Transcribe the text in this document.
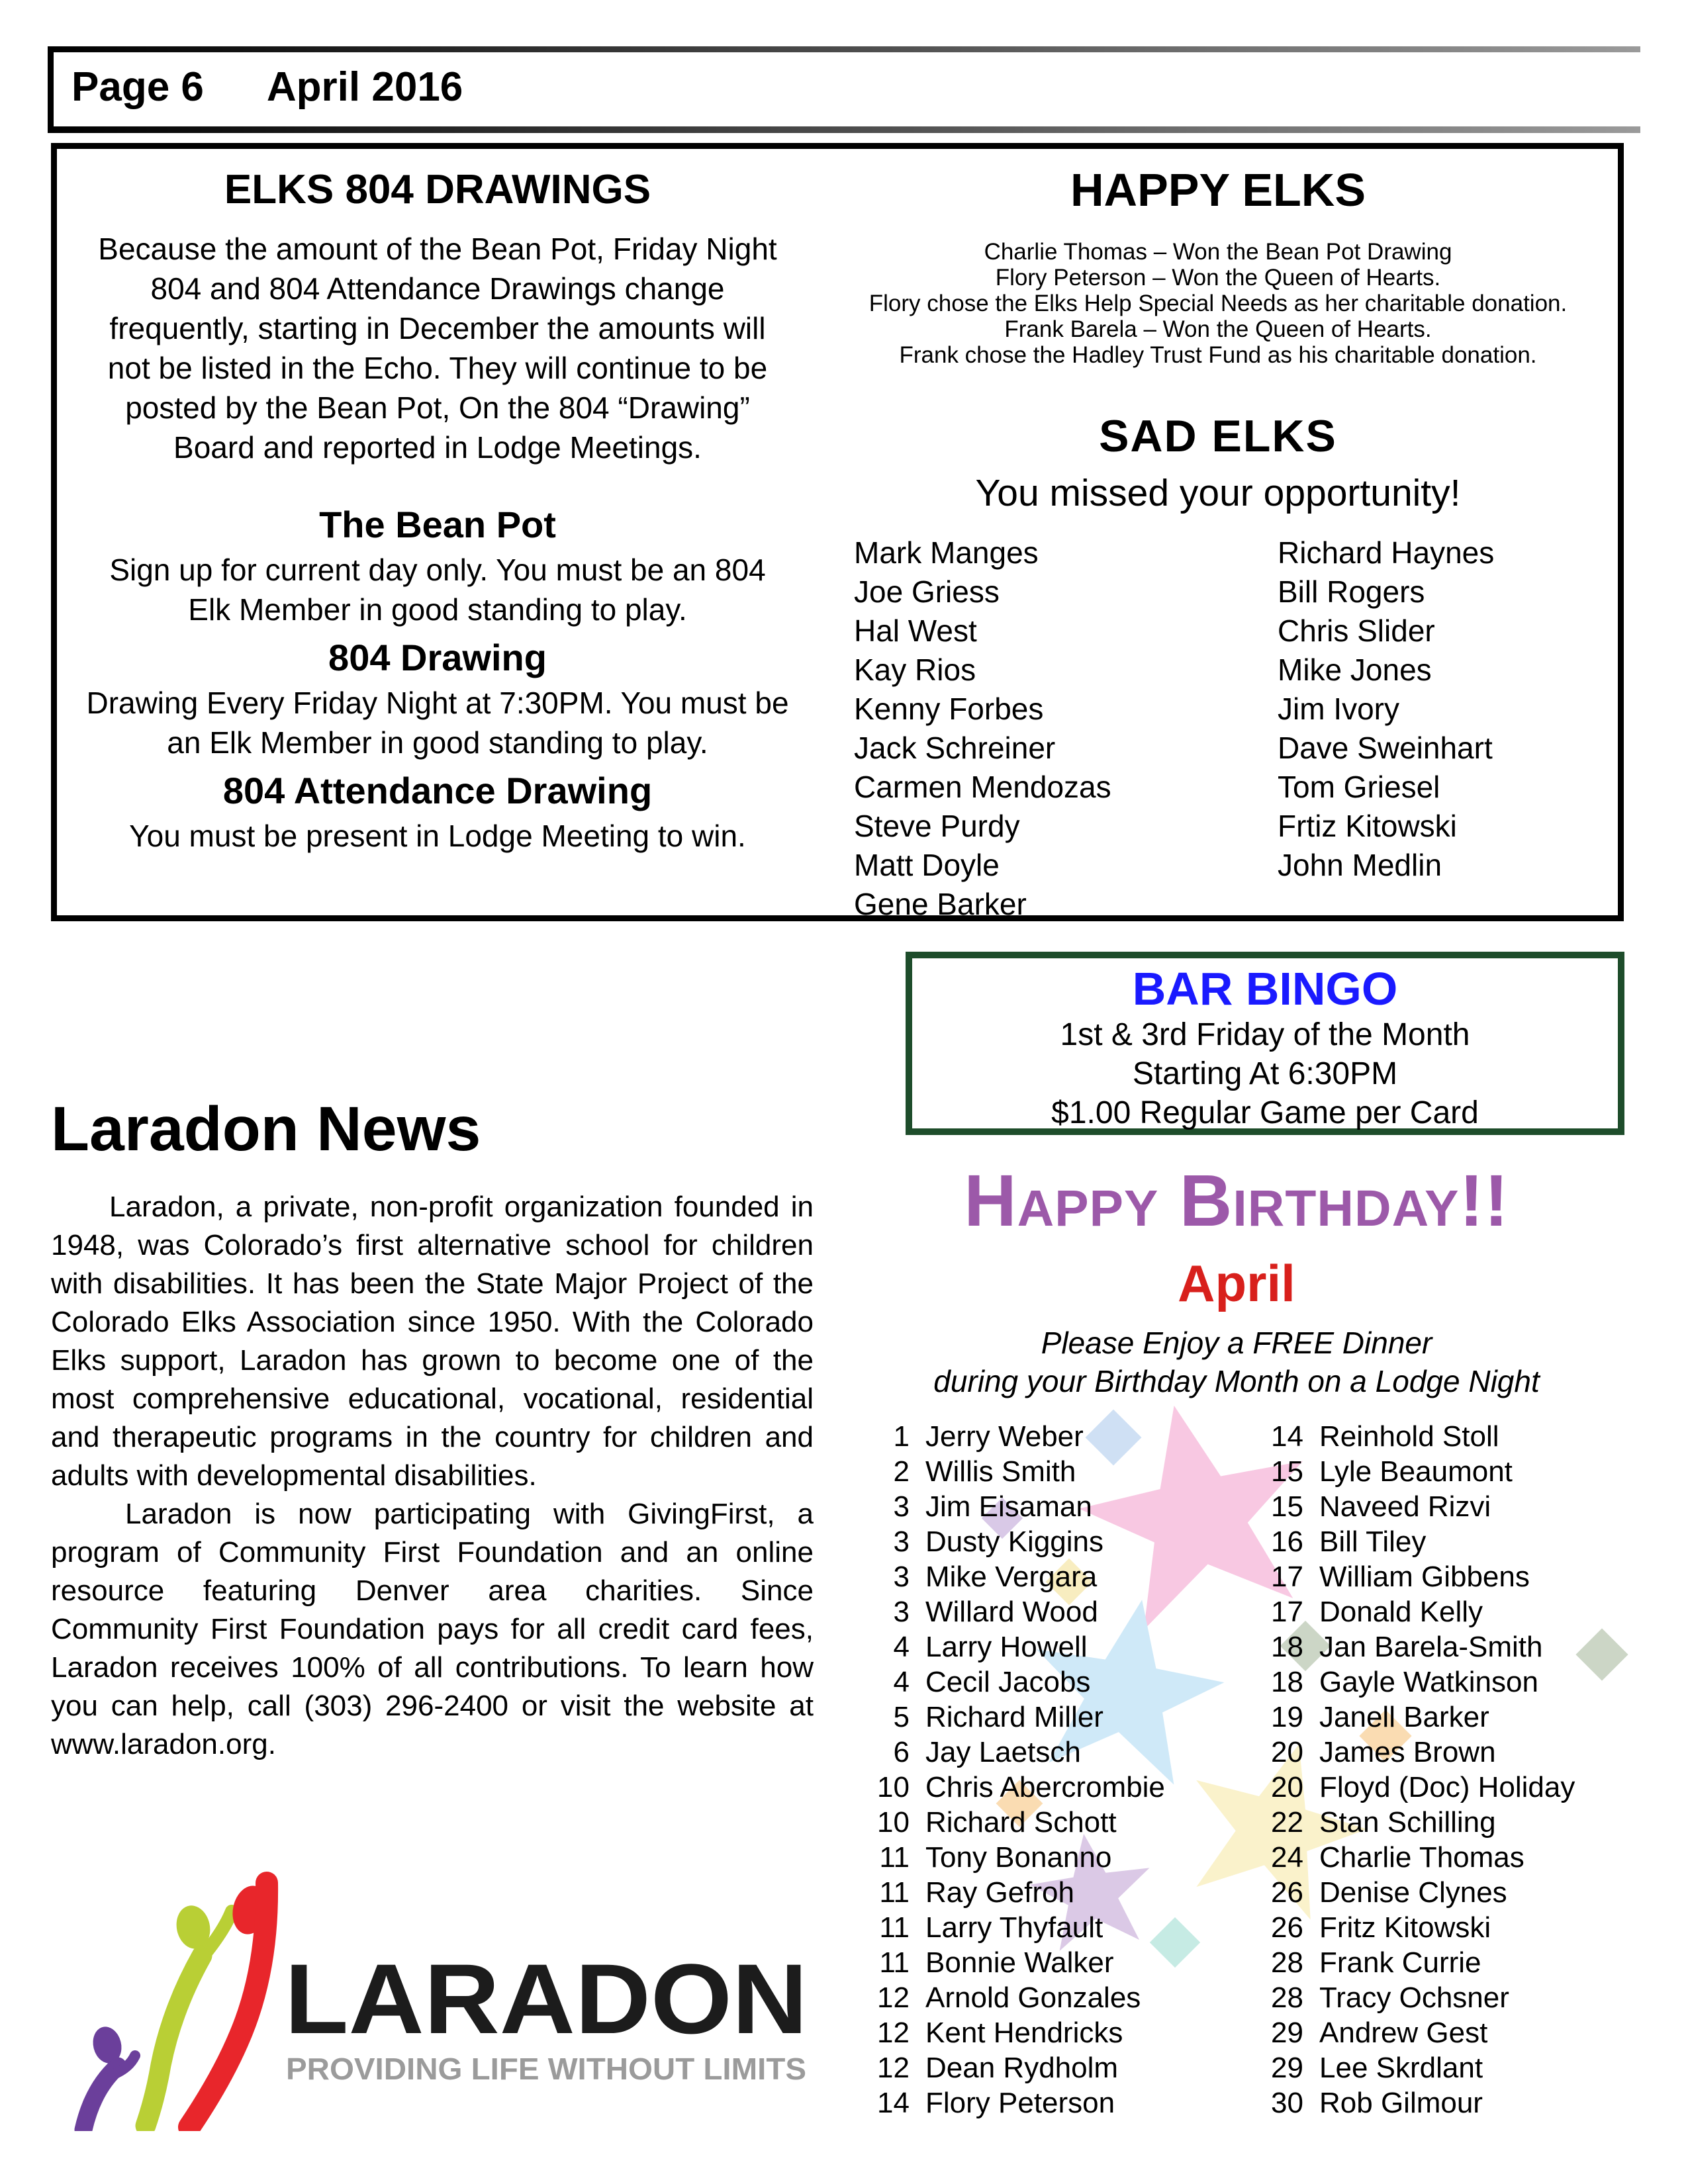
Page 6 April 2016
ELKS 804 DRAWINGS
Because the amount of the Bean Pot, Friday Night 804 and 804 Attendance Drawings change frequently, starting in December the amounts will not be listed in the Echo. They will continue to be posted by the Bean Pot, On the 804 “Drawing” Board and reported in Lodge Meetings.
The Bean Pot
Sign up for current day only. You must be an 804 Elk Member in good standing to play.
804 Drawing
Drawing Every Friday Night at 7:30PM. You must be an Elk Member in good standing to play.
804 Attendance Drawing
You must be present in Lodge Meeting to win.
HAPPY ELKS
Charlie Thomas – Won the Bean Pot Drawing
Flory Peterson – Won the Queen of Hearts.
Flory chose the Elks Help Special Needs as her charitable donation.
Frank Barela – Won the Queen of Hearts.
Frank chose the Hadley Trust Fund as his charitable donation.
SAD ELKS
You missed your opportunity!
Mark Manges
Joe Griess
Hal West
Kay Rios
Kenny Forbes
Jack Schreiner
Carmen Mendozas
Steve Purdy
Matt Doyle
Gene Barker
Richard Haynes
Bill Rogers
Chris Slider
Mike Jones
Jim Ivory
Dave Sweinhart
Tom Griesel
Frtiz Kitowski
John Medlin
BAR BINGO
1st & 3rd Friday of the Month
Starting At 6:30PM
$1.00 Regular Game per Card
Laradon News

Laradon, a private, non-profit organization founded in 1948, was Colorado’s first alternative school for children with disabilities. It has been the State Major Project of the Colorado Elks Association since 1950. With the Colorado Elks support, Laradon has grown to become one of the most comprehensive educational, vocational, residential and therapeutic programs in the country for children and adults with developmental disabilities.

Laradon is now participating with GivingFirst, a program of Community First Foundation and an online resource featuring Denver area charities. Since Community First Foundation pays for all credit card fees, Laradon receives 100% of all contributions. To learn how you can help, call (303) 296-2400 or visit the website at www.laradon.org.

LARADON
PROVIDING LIFE WITHOUT LIMITS
Happy Birthday!!
April
Please Enjoy a FREE Dinner
during your Birthday Month on a Lodge Night
1 Jerry Weber
2 Willis Smith
3 Jim Eisaman
3 Dusty Kiggins
3 Mike Vergara
3 Willard Wood
4 Larry Howell
4 Cecil Jacobs
5 Richard Miller
6 Jay Laetsch
10 Chris Abercrombie
10 Richard Schott
11 Tony Bonanno
11 Ray Gefroh
11 Larry Thyfault
11 Bonnie Walker
12 Arnold Gonzales
12 Kent Hendricks
12 Dean Rydholm
14 Flory Peterson
14 Reinhold Stoll
15 Lyle Beaumont
15 Naveed Rizvi
16 Bill Tiley
17 William Gibbens
17 Donald Kelly
18 Jan Barela-Smith
18 Gayle Watkinson
19 Janell Barker
20 James Brown
20 Floyd (Doc) Holiday
22 Stan Schilling
24 Charlie Thomas
26 Denise Clynes
26 Fritz Kitowski
28 Frank Currie
28 Tracy Ochsner
29 Andrew Gest
29 Lee Skrdlant
30 Rob Gilmour
